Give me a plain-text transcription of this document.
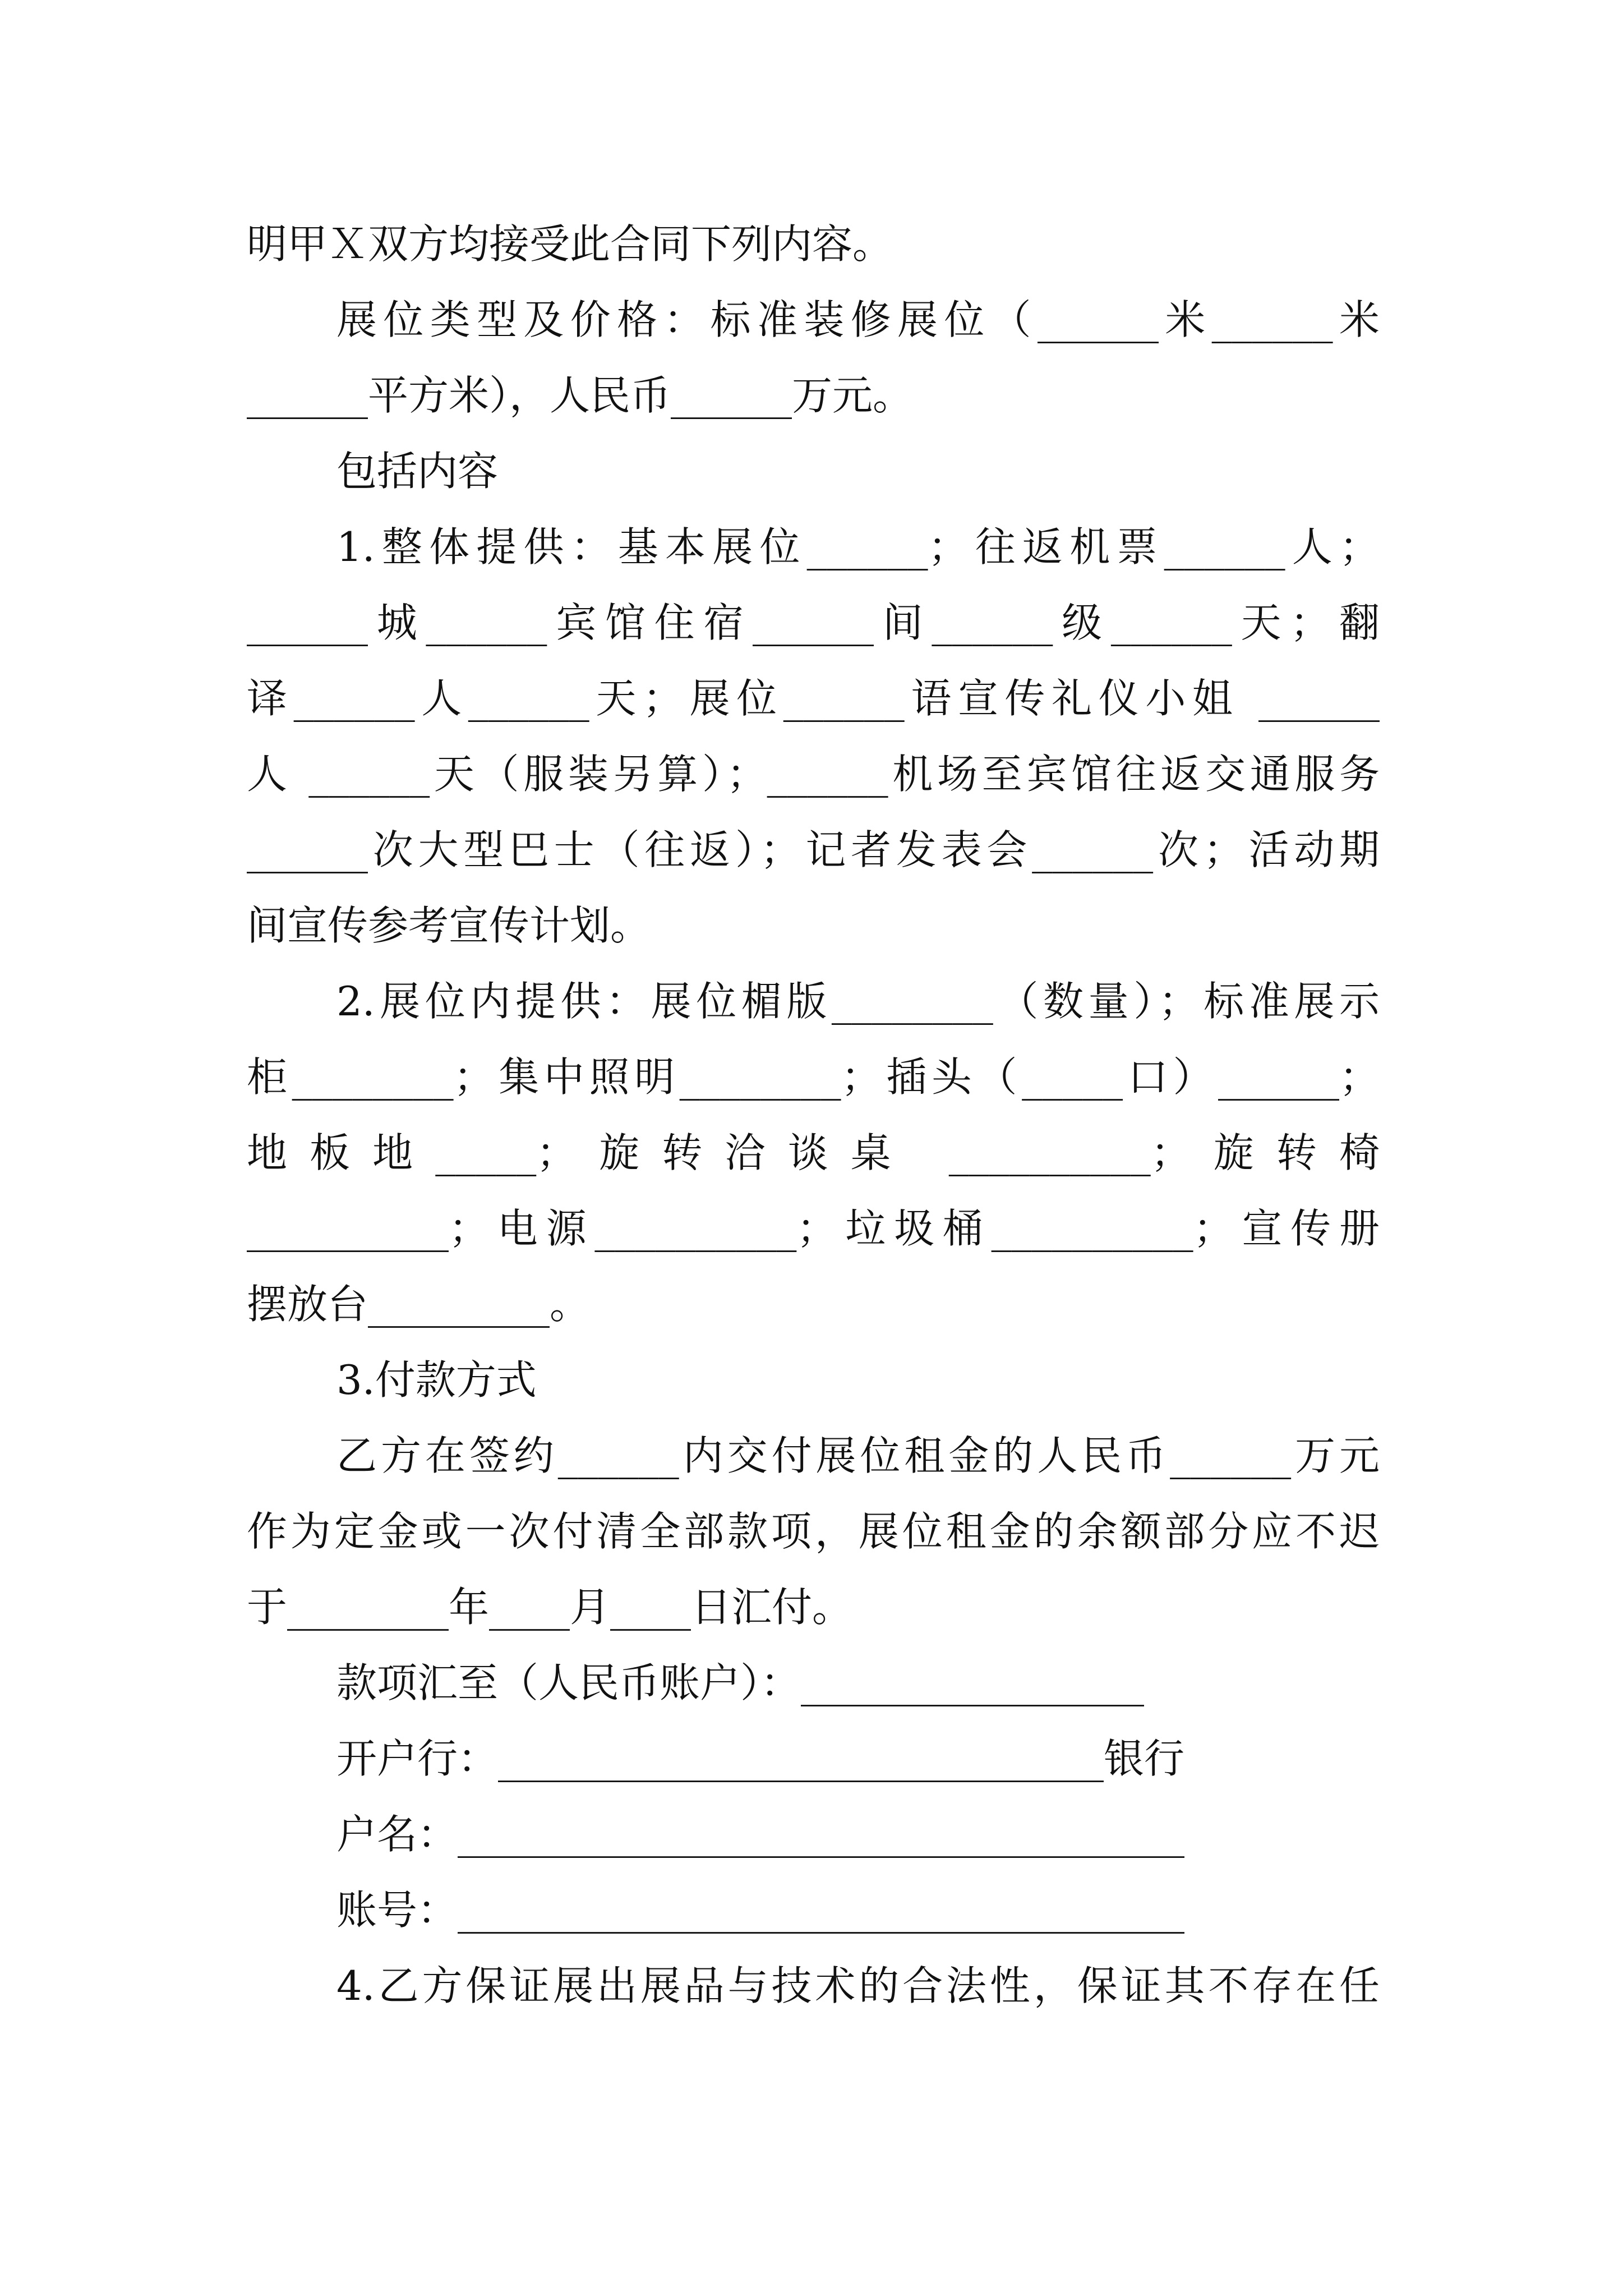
明甲Ｘ双方均接受此合同下列内容。
展位类型及价格：标准装修展位（______米______米
______平方米），人民币______万元。
包括内容
1.整体提供：基本展位______；往返机票______人；
______城______宾馆住宿______间______级______天；翻
译______人______天；展位______语宣传礼仪小姐 ______
人 ______天（服装另算）；______机场至宾馆往返交通服务
______次大型巴士（往返）；记者发表会______次；活动期
间宣传参考宣传计划。
2.展位内提供：展位楣版________（数量）；标准展示
柜________；集中照明________；插头（_____口）______；
地板地_____；旋转洽谈桌 __________；旋转椅
__________；电源__________；垃圾桶__________；宣传册
摆放台_________。
3.付款方式
乙方在签约______内交付展位租金的人民币______万元
作为定金或一次付清全部款项，展位租金的余额部分应不迟
于________年____月____日汇付。
款项汇至（人民币账户）：_________________
开户行：______________________________银行
户名：____________________________________
账号：____________________________________
4.乙方保证展出展品与技术的合法性，保证其不存在任
